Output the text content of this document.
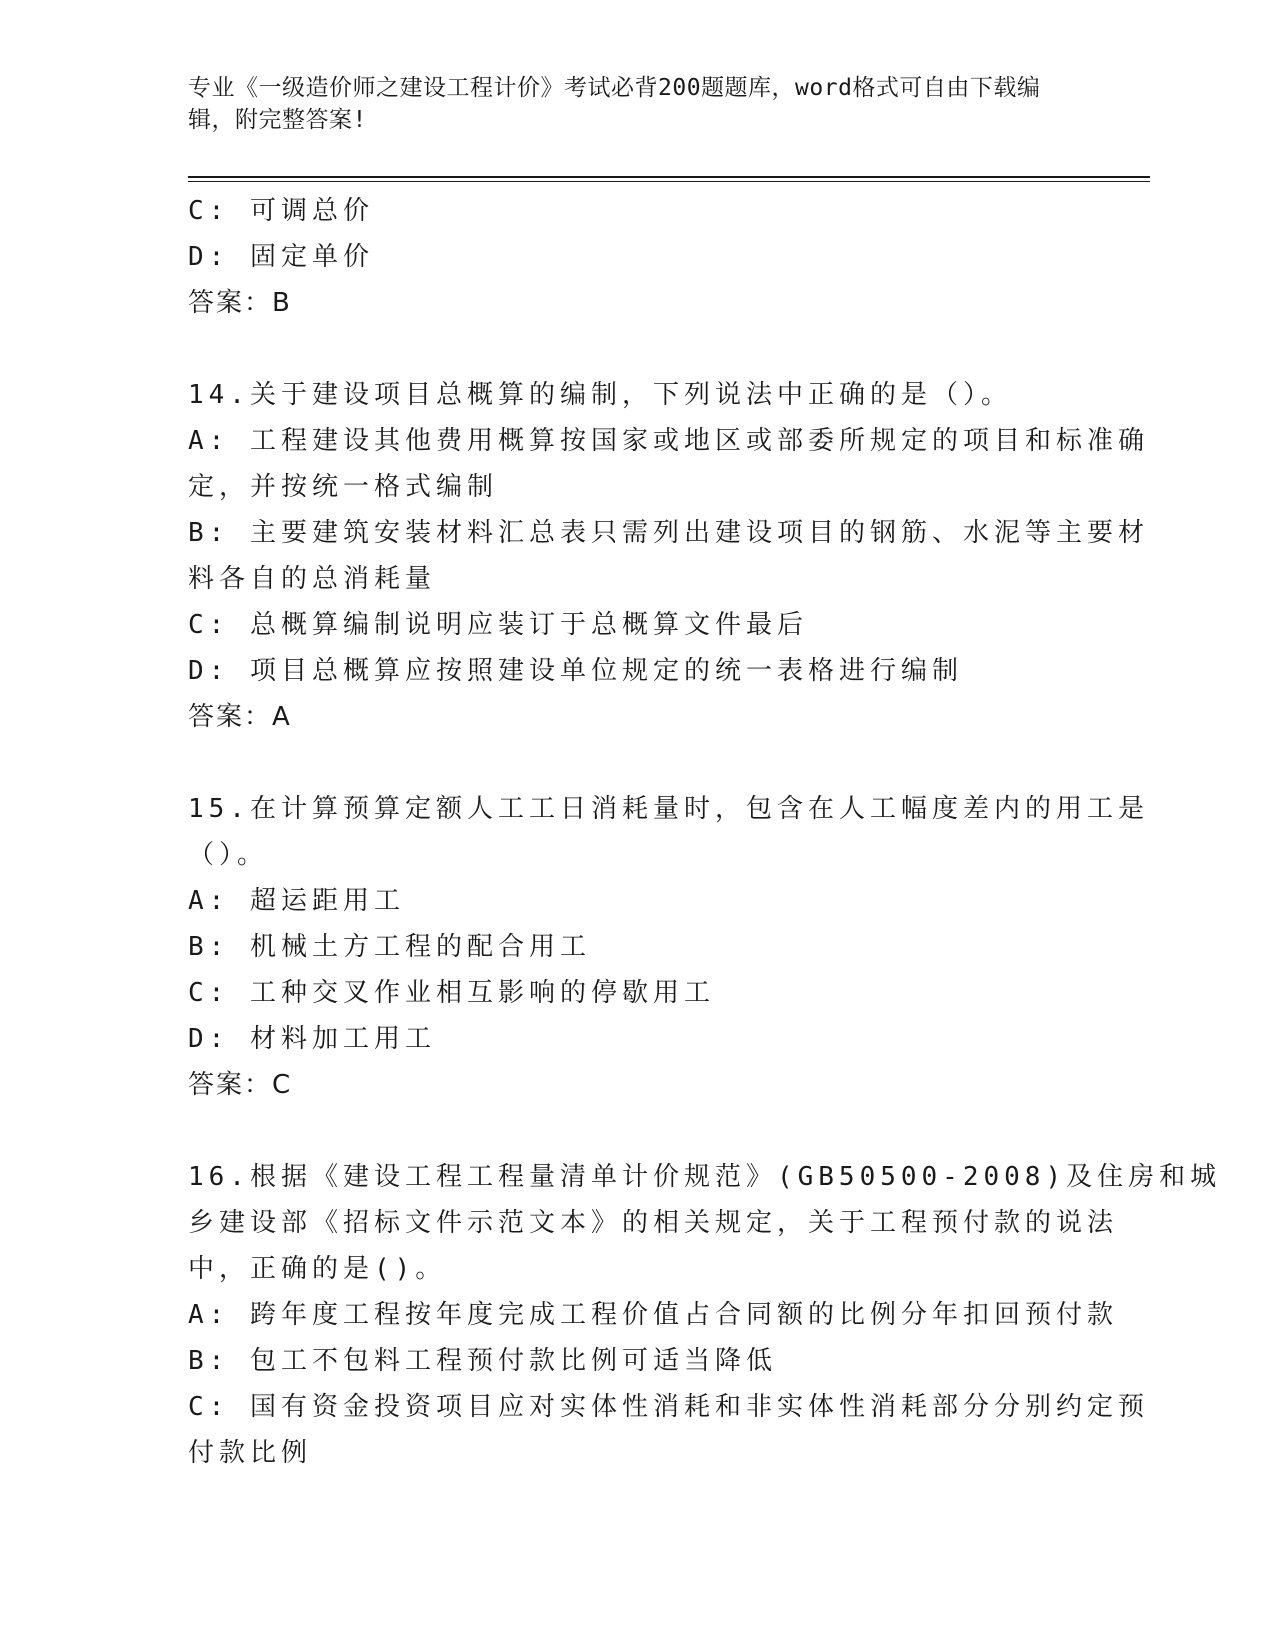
专业《一级造价师之建设工程计价》考试必背200题题库，word格式可自由下载编辑，附完整答案!
C: 可调总价
D: 固定单价
答案：B
14.关于建设项目总概算的编制，下列说法中正确的是（）。
A: 工程建设其他费用概算按国家或地区或部委所规定的项目和标准确
定，并按统一格式编制
B: 主要建筑安装材料汇总表只需列出建设项目的钢筋、水泥等主要材
料各自的总消耗量
C: 总概算编制说明应装订于总概算文件最后
D: 项目总概算应按照建设单位规定的统一表格进行编制
答案：A
15.在计算预算定额人工工日消耗量时，包含在人工幅度差内的用工是
（）。
A: 超运距用工
B: 机械土方工程的配合用工
C: 工种交叉作业相互影响的停歇用工
D: 材料加工用工
答案：C
16.根据《建设工程工程量清单计价规范》(GB50500-2008)及住房和城
乡建设部《招标文件示范文本》的相关规定，关于工程预付款的说法
中，正确的是()。
A: 跨年度工程按年度完成工程价值占合同额的比例分年扣回预付款
B: 包工不包料工程预付款比例可适当降低
C: 国有资金投资项目应对实体性消耗和非实体性消耗部分分别约定预
付款比例
